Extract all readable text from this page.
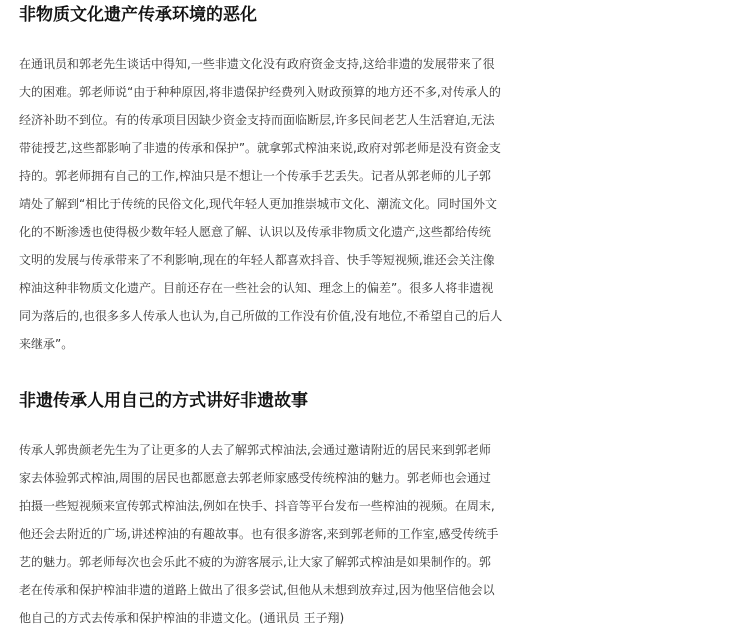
非物质文化遗产传承环境的恶化
在通讯员和郭老先生谈话中得知,一些非遗文化没有政府资金支持,这给非遗的发展带来了很
大的困难。郭老师说“由于种种原因,将非遗保护经费列入财政预算的地方还不多,对传承人的
经济补助不到位。有的传承项目因缺少资金支持而面临断层,许多民间老艺人生活窘迫,无法
带徒授艺,这些都影响了非遗的传承和保护”。就拿郭式榨油来说,政府对郭老师是没有资金支
持的。郭老师拥有自己的工作,榨油只是不想让一个传承手艺丢失。记者从郭老师的儿子郭
靖处了解到“相比于传统的民俗文化,现代年轻人更加推崇城市文化、潮流文化。同时国外文
化的不断渗透也使得极少数年轻人愿意了解、认识以及传承非物质文化遗产,这些都给传统
文明的发展与传承带来了不利影响,现在的年轻人都喜欢抖音、快手等短视频,谁还会关注像
榨油这种非物质文化遗产。目前还存在一些社会的认知、理念上的偏差”。很多人将非遗视
同为落后的,也很多多人传承人也认为,自己所做的工作没有价值,没有地位,不希望自己的后人
来继承”。
非遗传承人用自己的方式讲好非遗故事
传承人郭贵颜老先生为了让更多的人去了解郭式榨油法,会通过邀请附近的居民来到郭老师
家去体验郭式榨油,周围的居民也都愿意去郭老师家感受传统榨油的魅力。郭老师也会通过
拍摄一些短视频来宣传郭式榨油法,例如在快手、抖音等平台发布一些榨油的视频。在周末,
他还会去附近的广场,讲述榨油的有趣故事。也有很多游客,来到郭老师的工作室,感受传统手
艺的魅力。郭老师每次也会乐此不疲的为游客展示,让大家了解郭式榨油是如果制作的。郭
老在传承和保护榨油非遗的道路上做出了很多尝试,但他从未想到放弃过,因为他坚信他会以
他自己的方式去传承和保护榨油的非遗文化。(通讯员 王子翔)
